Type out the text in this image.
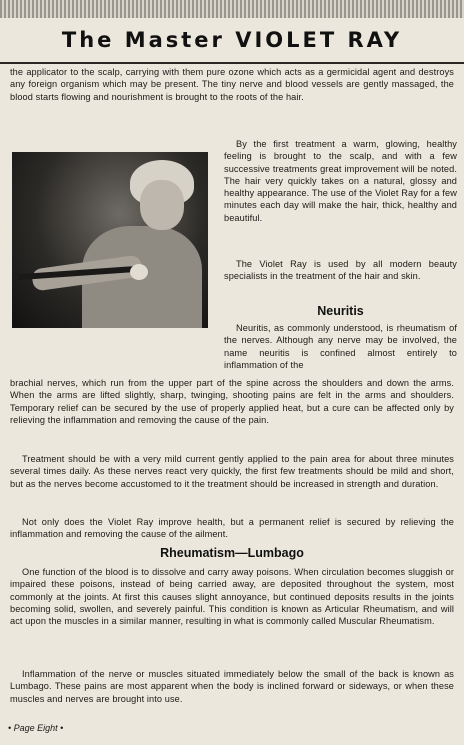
The Master VIOLET RAY

the applicator to the scalp, carrying with them pure ozone which acts as a germicidal agent and destroys any foreign organism which may be present. The tiny nerve and blood vessels are gently massaged, the blood starts flowing and nourishment is brought to the roots of the hair.

By the first treatment a warm, glowing, healthy feeling is brought to the scalp, and with a few successive treatments great improvement will be noted. The hair very quickly takes on a natural, glossy and healthy appearance. The use of the Violet Ray for a few minutes each day will make the hair, thick, healthy and beautiful.

The Violet Ray is used by all modern beauty specialists in the treatment of the hair and skin.

Neuritis

Neuritis, as commonly understood, is rheumatism of the nerves. Although any nerve may be involved, the name neuritis is confined almost entirely to inflammation of the

brachial nerves, which run from the upper part of the spine across the shoulders and down the arms. When the arms are lifted slightly, sharp, twinging, shooting pains are felt in the arms and shoulders. Temporary relief can be secured by the use of properly applied heat, but a cure can be affected only by relieving the inflammation and removing the cause of the pain.

Treatment should be with a very mild current gently applied to the pain area for about three minutes several times daily. As these nerves react very quickly, the first few treatments should be mild and short, but as the nerves become accustomed to it the treatment should be increased in strength and duration.

Not only does the Violet Ray improve health, but a permanent relief is secured by relieving the inflammation and removing the cause of the ailment.

Rheumatism—Lumbago

One function of the blood is to dissolve and carry away poisons. When circulation becomes sluggish or impaired these poisons, instead of being carried away, are deposited throughout the system, most commonly at the joints. At first this causes slight annoyance, but continued deposits results in the joints becoming solid, swollen, and severely painful. This condition is known as Articular Rheumatism, and will act upon the muscles in a similar manner, resulting in what is commonly called Muscular Rheumatism.

Inflammation of the nerve or muscles situated immediately below the small of the back is known as Lumbago. These pains are most apparent when the body is inclined forward or sideways, or when these muscles and nerves are brought into use.

• Page Eight •
